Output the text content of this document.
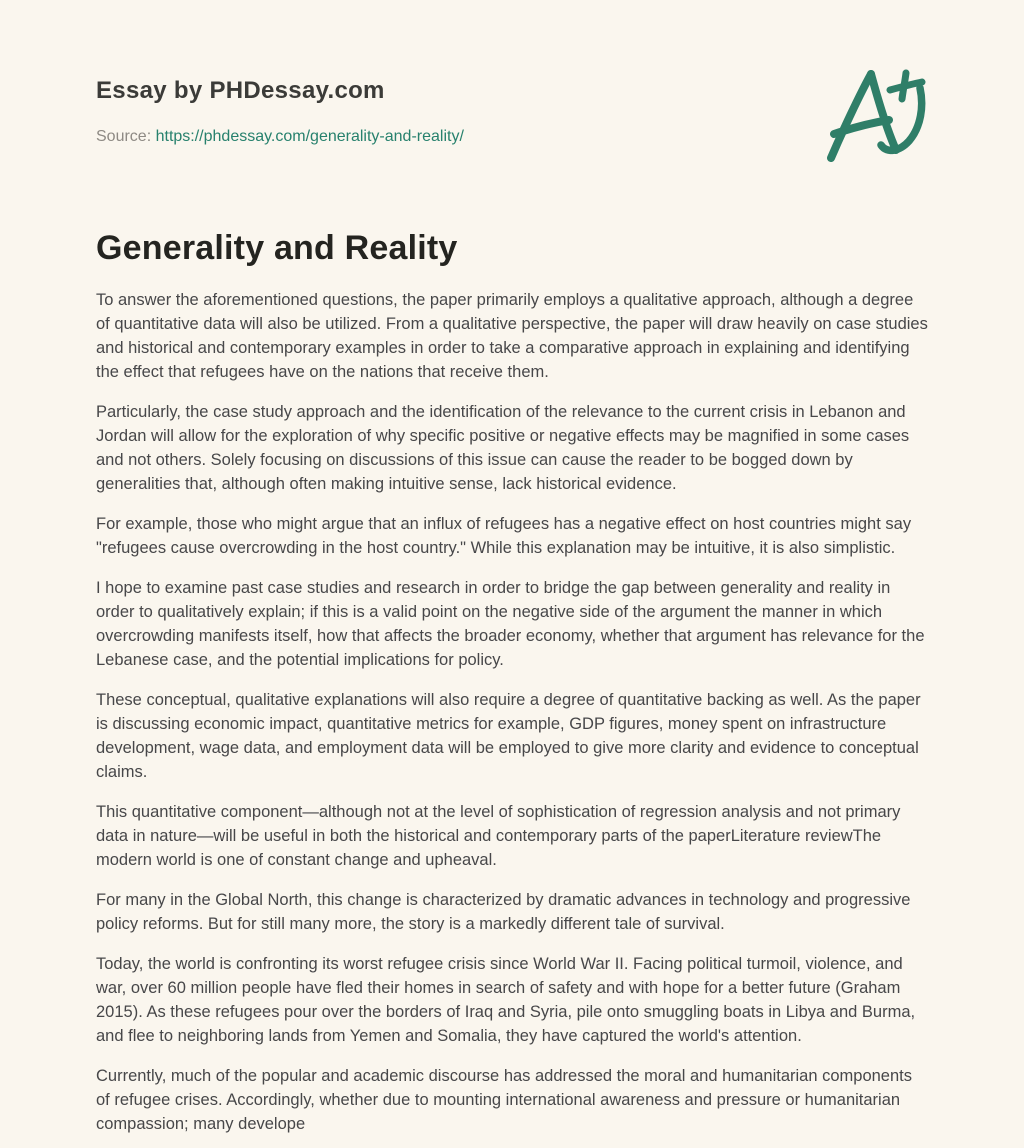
Essay by PHDessay.com
Source: https://phdessay.com/generality-and-reality/
Generality and Reality

To answer the aforementioned questions, the paper primarily employs a qualitative approach, although a degree of quantitative data will also be utilized. From a qualitative perspective, the paper will draw heavily on case studies and historical and contemporary examples in order to take a comparative approach in explaining and identifying the effect that refugees have on the nations that receive them.

Particularly, the case study approach and the identification of the relevance to the current crisis in Lebanon and Jordan will allow for the exploration of why specific positive or negative effects may be magnified in some cases and not others. Solely focusing on discussions of this issue can cause the reader to be bogged down by generalities that, although often making intuitive sense, lack historical evidence.

For example, those who might argue that an influx of refugees has a negative effect on host countries might say "refugees cause overcrowding in the host country." While this explanation may be intuitive, it is also simplistic.

I hope to examine past case studies and research in order to bridge the gap between generality and reality in order to qualitatively explain; if this is a valid point on the negative side of the argument the manner in which overcrowding manifests itself, how that affects the broader economy, whether that argument has relevance for the Lebanese case, and the potential implications for policy.

These conceptual, qualitative explanations will also require a degree of quantitative backing as well. As the paper is discussing economic impact, quantitative metrics for example, GDP figures, money spent on infrastructure development, wage data, and employment data will be employed to give more clarity and evidence to conceptual claims.

This quantitative component—although not at the level of sophistication of regression analysis and not primary data in nature—will be useful in both the historical and contemporary parts of the paperLiterature reviewThe modern world is one of constant change and upheaval.

For many in the Global North, this change is characterized by dramatic advances in technology and progressive policy reforms. But for still many more, the story is a markedly different tale of survival.

Today, the world is confronting its worst refugee crisis since World War II. Facing political turmoil, violence, and war, over 60 million people have fled their homes in search of safety and with hope for a better future (Graham 2015). As these refugees pour over the borders of Iraq and Syria, pile onto smuggling boats in Libya and Burma, and flee to neighboring lands from Yemen and Somalia, they have captured the world's attention.

Currently, much of the popular and academic discourse has addressed the moral and humanitarian components of refugee crises. Accordingly, whether due to mounting international awareness and pressure or humanitarian compassion; many develope
